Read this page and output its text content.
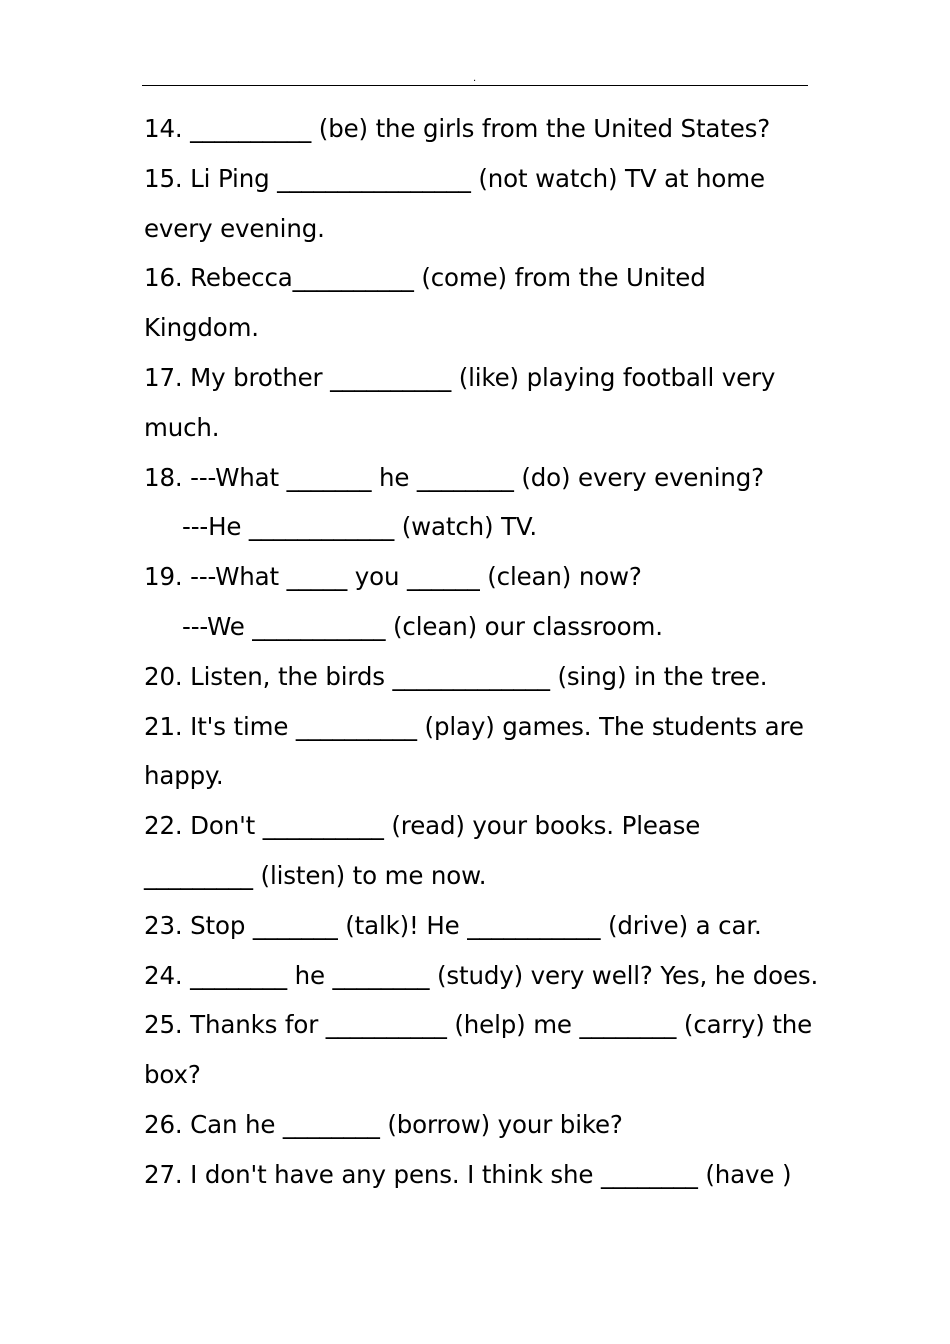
.
14. __________ (be) the girls from the United States?
15. Li Ping ________________ (not watch) TV at home
every evening.
16. Rebecca__________ (come) from the United
Kingdom.
17. My brother __________ (like) playing football very
much.
18. ---What _______ he ________ (do) every evening?
---He ____________ (watch) TV.
19. ---What _____ you ______ (clean) now?
---We ___________ (clean) our classroom.
20. Listen, the birds _____________ (sing) in the tree.
21. It's time __________ (play) games. The students are
happy.
22. Don't __________ (read) your books. Please
_________ (listen) to me now.
23. Stop _______ (talk)! He ___________ (drive) a car.
24. ________ he ________ (study) very well? Yes, he does.
25. Thanks for __________ (help) me ________ (carry) the
box?
26. Can he ________ (borrow) your bike?
27. I don't have any pens. I think she ________ (have )
